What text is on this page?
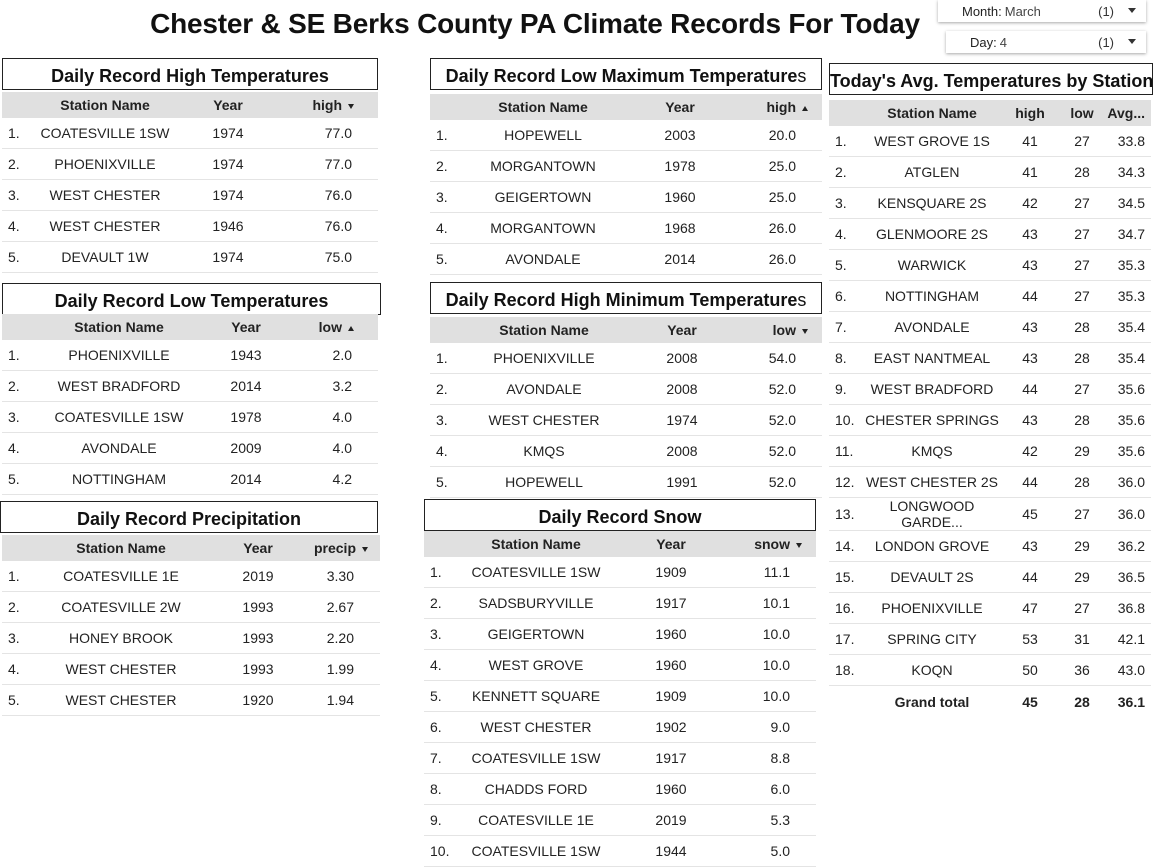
Chester & SE Berks County PA Climate Records For Today	Month: March	(1)
Day: 4	(1)
Daily Record High Temperatures
	Station Name	Year	high
1.	COATESVILLE 1SW	1974	77.0
2.	PHOENIXVILLE	1974	77.0
3.	WEST CHESTER	1974	76.0
4.	WEST CHESTER	1946	76.0
5.	DEVAULT 1W	1974	75.0
Daily Record Low Temperatures
	Station Name	Year	low
1.	PHOENIXVILLE	1943	2.0
2.	WEST BRADFORD	2014	3.2
3.	COATESVILLE 1SW	1978	4.0
4.	AVONDALE	2009	4.0
5.	NOTTINGHAM	2014	4.2
Daily Record Precipitation
	Station Name	Year	precip
1.	COATESVILLE 1E	2019	3.30
2.	COATESVILLE 2W	1993	2.67
3.	HONEY BROOK	1993	2.20
4.	WEST CHESTER	1993	1.99
5.	WEST CHESTER	1920	1.94
Daily Record Low Maximum Temperatures
	Station Name	Year	high
1.	HOPEWELL	2003	20.0
2.	MORGANTOWN	1978	25.0
3.	GEIGERTOWN	1960	25.0
4.	MORGANTOWN	1968	26.0
5.	AVONDALE	2014	26.0
Daily Record High Minimum Temperatures
	Station Name	Year	low
1.	PHOENIXVILLE	2008	54.0
2.	AVONDALE	2008	52.0
3.	WEST CHESTER	1974	52.0
4.	KMQS	2008	52.0
5.	HOPEWELL	1991	52.0
Daily Record Snow
	Station Name	Year	snow
1.	COATESVILLE 1SW	1909	11.1
2.	SADSBURYVILLE	1917	10.1
3.	GEIGERTOWN	1960	10.0
4.	WEST GROVE	1960	10.0
5.	KENNETT SQUARE	1909	10.0
6.	WEST CHESTER	1902	9.0
7.	COATESVILLE 1SW	1917	8.8
8.	CHADDS FORD	1960	6.0
9.	COATESVILLE 1E	2019	5.3
10.	COATESVILLE 1SW	1944	5.0
Today's Avg. Temperatures by Station
	Station Name	high	low	Avg...
1.	WEST GROVE 1S	41	27	33.8
2.	ATGLEN	41	28	34.3
3.	KENSQUARE 2S	42	27	34.5
4.	GLENMOORE 2S	43	27	34.7
5.	WARWICK	43	27	35.3
6.	NOTTINGHAM	44	27	35.3
7.	AVONDALE	43	28	35.4
8.	EAST NANTMEAL	43	28	35.4
9.	WEST BRADFORD	44	27	35.6
10.	CHESTER SPRINGS	43	28	35.6
11.	KMQS	42	29	35.6
12.	WEST CHESTER 2S	44	28	36.0
13.	LONGWOOD GARDE...	45	27	36.0
14.	LONDON GROVE	43	29	36.2
15.	DEVAULT 2S	44	29	36.5
16.	PHOENIXVILLE	47	27	36.8
17.	SPRING CITY	53	31	42.1
18.	KOQN	50	36	43.0
	Grand total	45	28	36.1
